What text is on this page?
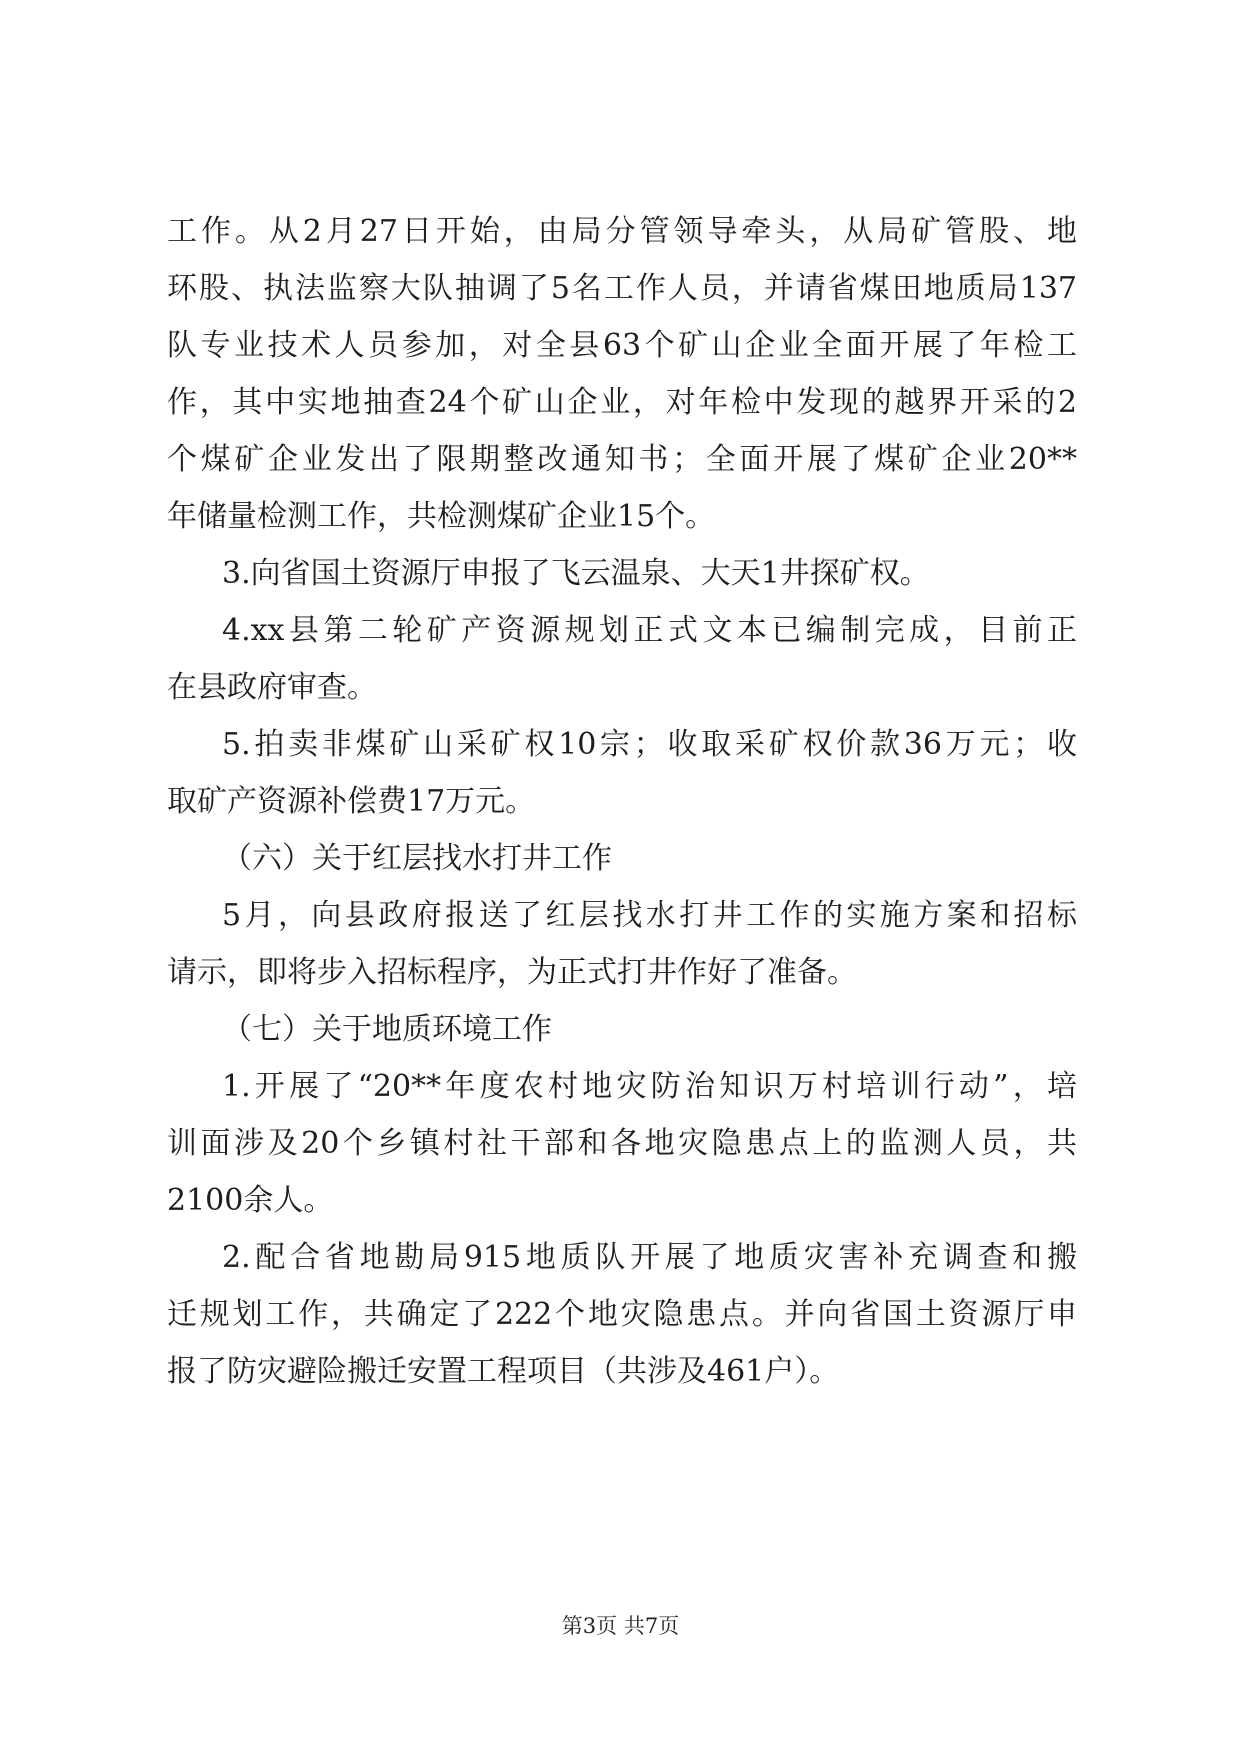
工作。从2月27日开始，由局分管领导牵头，从局矿管股、地
环股、执法监察大队抽调了5名工作人员，并请省煤田地质局137
队专业技术人员参加，对全县63个矿山企业全面开展了年检工
作，其中实地抽查24个矿山企业，对年检中发现的越界开采的2
个煤矿企业发出了限期整改通知书；全面开展了煤矿企业20**
年储量检测工作，共检测煤矿企业15个。
3.向省国土资源厅申报了飞云温泉、大天1井探矿权。
4.xx县第二轮矿产资源规划正式文本已编制完成，目前正
在县政府审查。
5.拍卖非煤矿山采矿权10宗；收取采矿权价款36万元；收
取矿产资源补偿费17万元。
（六）关于红层找水打井工作
5月，向县政府报送了红层找水打井工作的实施方案和招标
请示，即将步入招标程序，为正式打井作好了准备。
（七）关于地质环境工作
1.开展了“20**年度农村地灾防治知识万村培训行动”，培
训面涉及20个乡镇村社干部和各地灾隐患点上的监测人员，共
2100余人。
2.配合省地勘局915地质队开展了地质灾害补充调查和搬
迁规划工作，共确定了222个地灾隐患点。并向省国土资源厅申
报了防灾避险搬迁安置工程项目（共涉及461户）。
第3页 共7页
